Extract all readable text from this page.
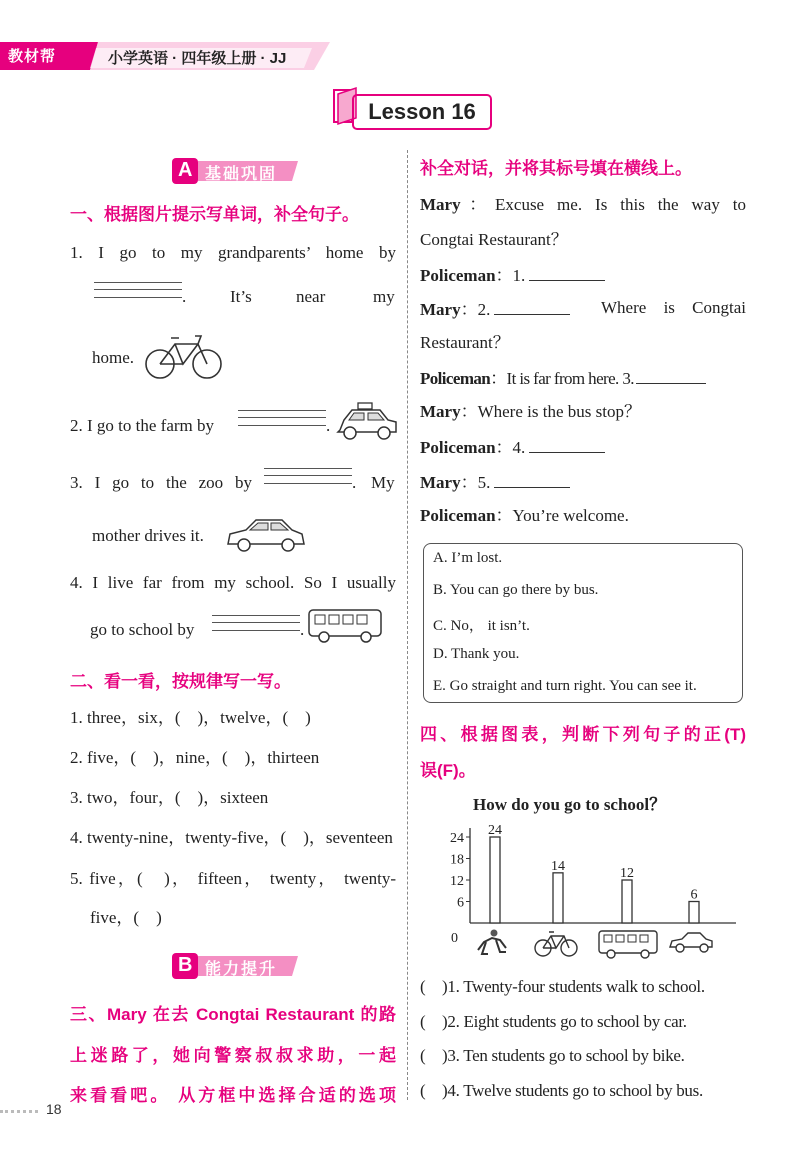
教材帮	小学英语 · 四年级上册 · JJ
Lesson 16
A 基础巩固
一、根据图片提示写单词，补全句子。
1. I go to my grandparents’ home by
.	It’s	near	my
home.
2. I go to the farm by	.
3. I go to the zoo by	. My
mother drives it.
4. I live far from my school. So I usually
go to school by	.
二、看一看，按规律写一写。
1. three，six，(　)，twelve，(　)
2. five，(　)，nine，(　)，thirteen
3. two，four，(　)，sixteen
4. twenty-nine，twenty-five，(　)，seventeen
5. five，(　)， fifteen， twenty， twenty-
five，(　)
B 能力提升
三、Mary 在去 Congtai Restaurant 的路
上迷路了，她向警察叔叔求助，一起
来看看吧。 从方框中选择合适的选项
18
补全对话，并将其标号填在横线上。
Mary：Excuse me. Is this the way to
Congtai Restaurant？
Policeman：1.
Mary：2.	Where is Congtai
Restaurant？
Policeman：It is far from here. 3.
Mary：Where is the bus stop？
Policeman：4.
Mary：5.
Policeman：You’re welcome.
A. I’m lost.
B. You can go there by bus.
C. No， it isn’t.
D. Thank you.
E. Go straight and turn right. You can see it.
四、根据图表，判断下列句子的正(T)
误(F)。
How do you go to school？
24
18
12
6
0
24
14	12
6
(　)1. Twenty-four students walk to school.
(　)2. Eight students go to school by car.
(　)3. Ten students go to school by bike.
(　)4. Twelve students go to school by bus.
